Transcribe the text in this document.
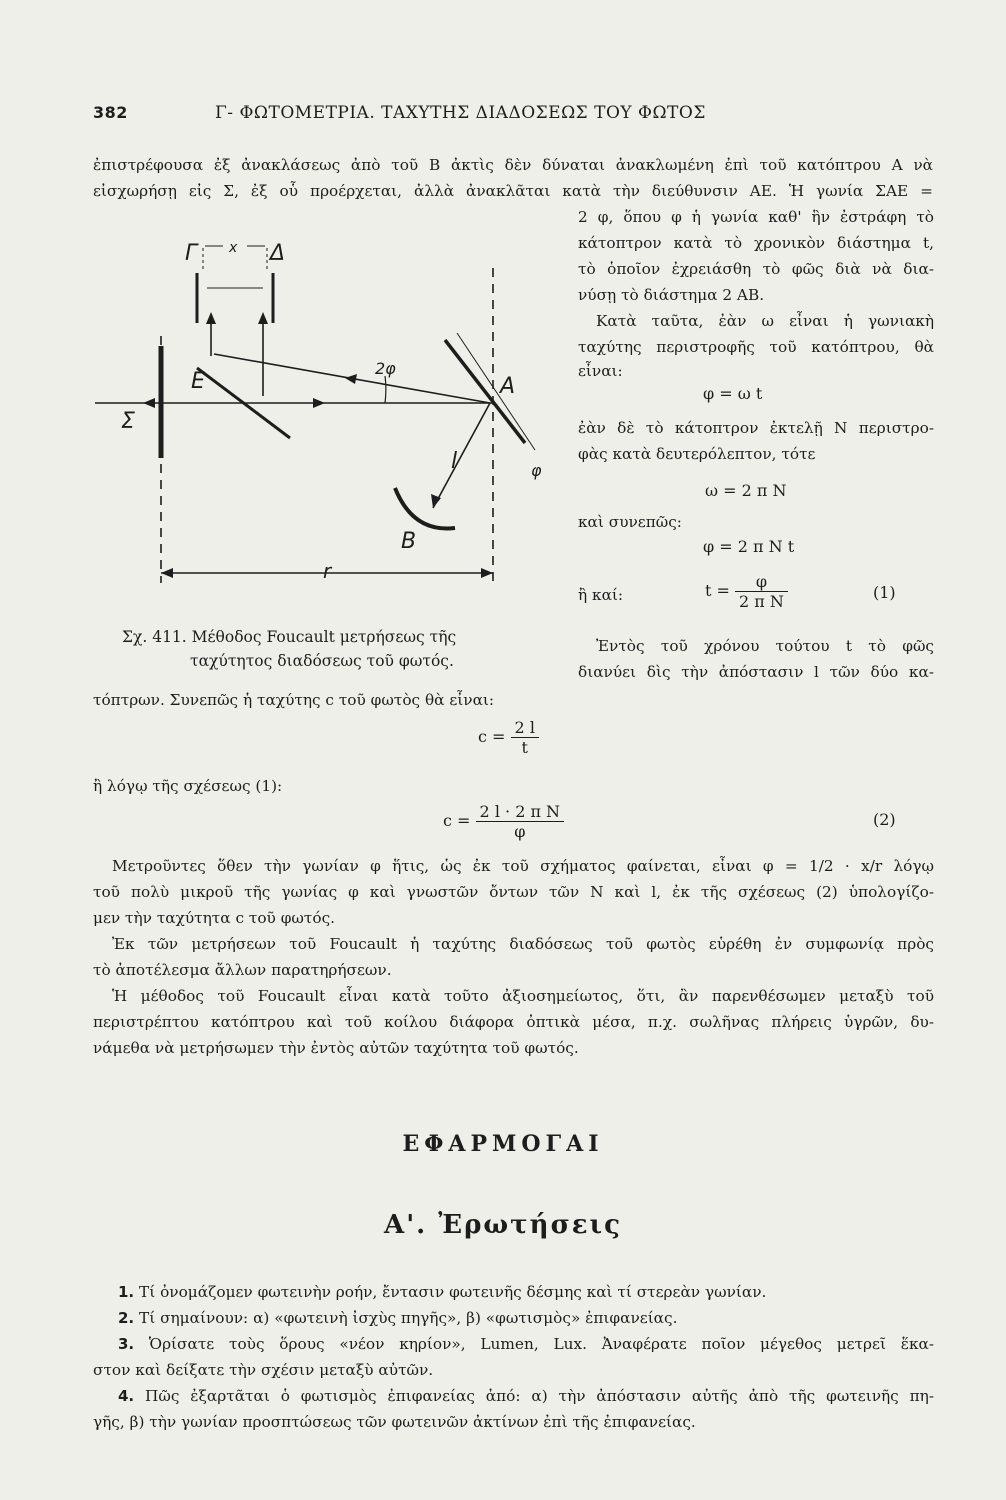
382	Γ- ΦΩΤΟΜΕΤΡΙΑ. ΤΑΧΥΤΗΣ ΔΙΑΔΟΣΕΩΣ ΤΟΥ ΦΩΤΟΣ
ἐπιστρέφουσα ἐξ ἀνακλάσεως ἀπὸ τοῦ Β ἀκτὶς δὲν δύναται ἀνακλωμένη ἐπὶ τοῦ κατόπτρου Α νὰ
εἰσχωρήσῃ εἰς Σ, ἐξ οὗ προέρχεται, ἀλλὰ ἀνακλᾶται κατὰ τὴν διεύθυνσιν ΑΕ. Ἡ γωνία ΣΑΕ =
2 φ, ὅπου φ ἡ γωνία καθ' ἣν ἐστράφη τὸ
κάτοπτρον κατὰ τὸ χρονικὸν διάστημα t,
τὸ ὁποῖον ἐχρειάσθη τὸ φῶς διὰ νὰ δια-
νύσῃ τὸ διάστημα 2 ΑΒ.
Κατὰ ταῦτα, ἐὰν ω εἶναι ἡ γωνιακὴ
ταχύτης περιστροφῆς τοῦ κατόπτρου, θὰ
εἶναι:
φ = ω t
ἐὰν δὲ τὸ κάτοπτρον ἐκτελῇ Ν περιστρο-
φὰς κατὰ δευτερόλεπτον, τότε
ω = 2 π Ν
καὶ συνεπῶς:
φ = 2 π Ν t
ἢ καί:	$t = \frac{\varphi}{\text{2 π Ν}}$	(1)
Ἐντὸς τοῦ χρόνου τούτου t τὸ φῶς
διανύει δὶς τὴν ἀπόστασιν l τῶν δύο κα-
Γ x Δ
E
Σ
2φ
A
l	φ
B
r
Σχ. 411. Μέθοδος Foucault μετρήσεως τῆς
ταχύτητος διαδόσεως τοῦ φωτός.
τόπτρων. Συνεπῶς ἡ ταχύτης c τοῦ φωτὸς θὰ εἶναι:
$c = \frac{2 l}{t}$
ἢ λόγῳ τῆς σχέσεως (1):
$c = \frac{\text{2 l · 2 π Ν}}{\varphi}$	(2)
Μετροῦντες ὅθεν τὴν γωνίαν φ ἥτις, ὡς ἐκ τοῦ σχήματος φαίνεται, εἶναι φ = 1/2 · x/r λόγῳ
τοῦ πολὺ μικροῦ τῆς γωνίας φ καὶ γνωστῶν ὄντων τῶν Ν καὶ l, ἐκ τῆς σχέσεως (2) ὑπολογίζο-
μεν τὴν ταχύτητα c τοῦ φωτός.
Ἐκ τῶν μετρήσεων τοῦ Foucault ἡ ταχύτης διαδόσεως τοῦ φωτὸς εὑρέθη ἐν συμφωνίᾳ πρὸς
τὸ ἀποτέλεσμα ἄλλων παρατηρήσεων.
Ἡ μέθοδος τοῦ Foucault εἶναι κατὰ τοῦτο ἀξιοσημείωτος, ὅτι, ἂν παρενθέσωμεν μεταξὺ τοῦ
περιστρέπτου κατόπτρου καὶ τοῦ κοίλου διάφορα ὀπτικὰ μέσα, π.χ. σωλῆνας πλήρεις ὑγρῶν, δυ-
νάμεθα νὰ μετρήσωμεν τὴν ἐντὸς αὐτῶν ταχύτητα τοῦ φωτός.
ΕΦΑΡΜΟΓΑΙ
Α'. Ἐρωτήσεις
1. Τί ὀνομάζομεν φωτεινὴν ροήν, ἔντασιν φωτεινῆς δέσμης καὶ τί στερεὰν γωνίαν.
2. Τί σημαίνουν: α) «φωτεινὴ ἰσχὺς πηγῆς», β) «φωτισμὸς» ἐπιφανείας.
3. Ὁρίσατε τοὺς ὅρους «νέον κηρίον», Lumen, Lux. Ἀναφέρατε ποῖον μέγεθος μετρεῖ ἕκα-
στον καὶ δείξατε τὴν σχέσιν μεταξὺ αὐτῶν.
4. Πῶς ἐξαρτᾶται ὁ φωτισμὸς ἐπιφανείας ἀπό: α) τὴν ἀπόστασιν αὐτῆς ἀπὸ τῆς φωτεινῆς πη-
γῆς, β) τὴν γωνίαν προσπτώσεως τῶν φωτεινῶν ἀκτίνων ἐπὶ τῆς ἐπιφανείας.
